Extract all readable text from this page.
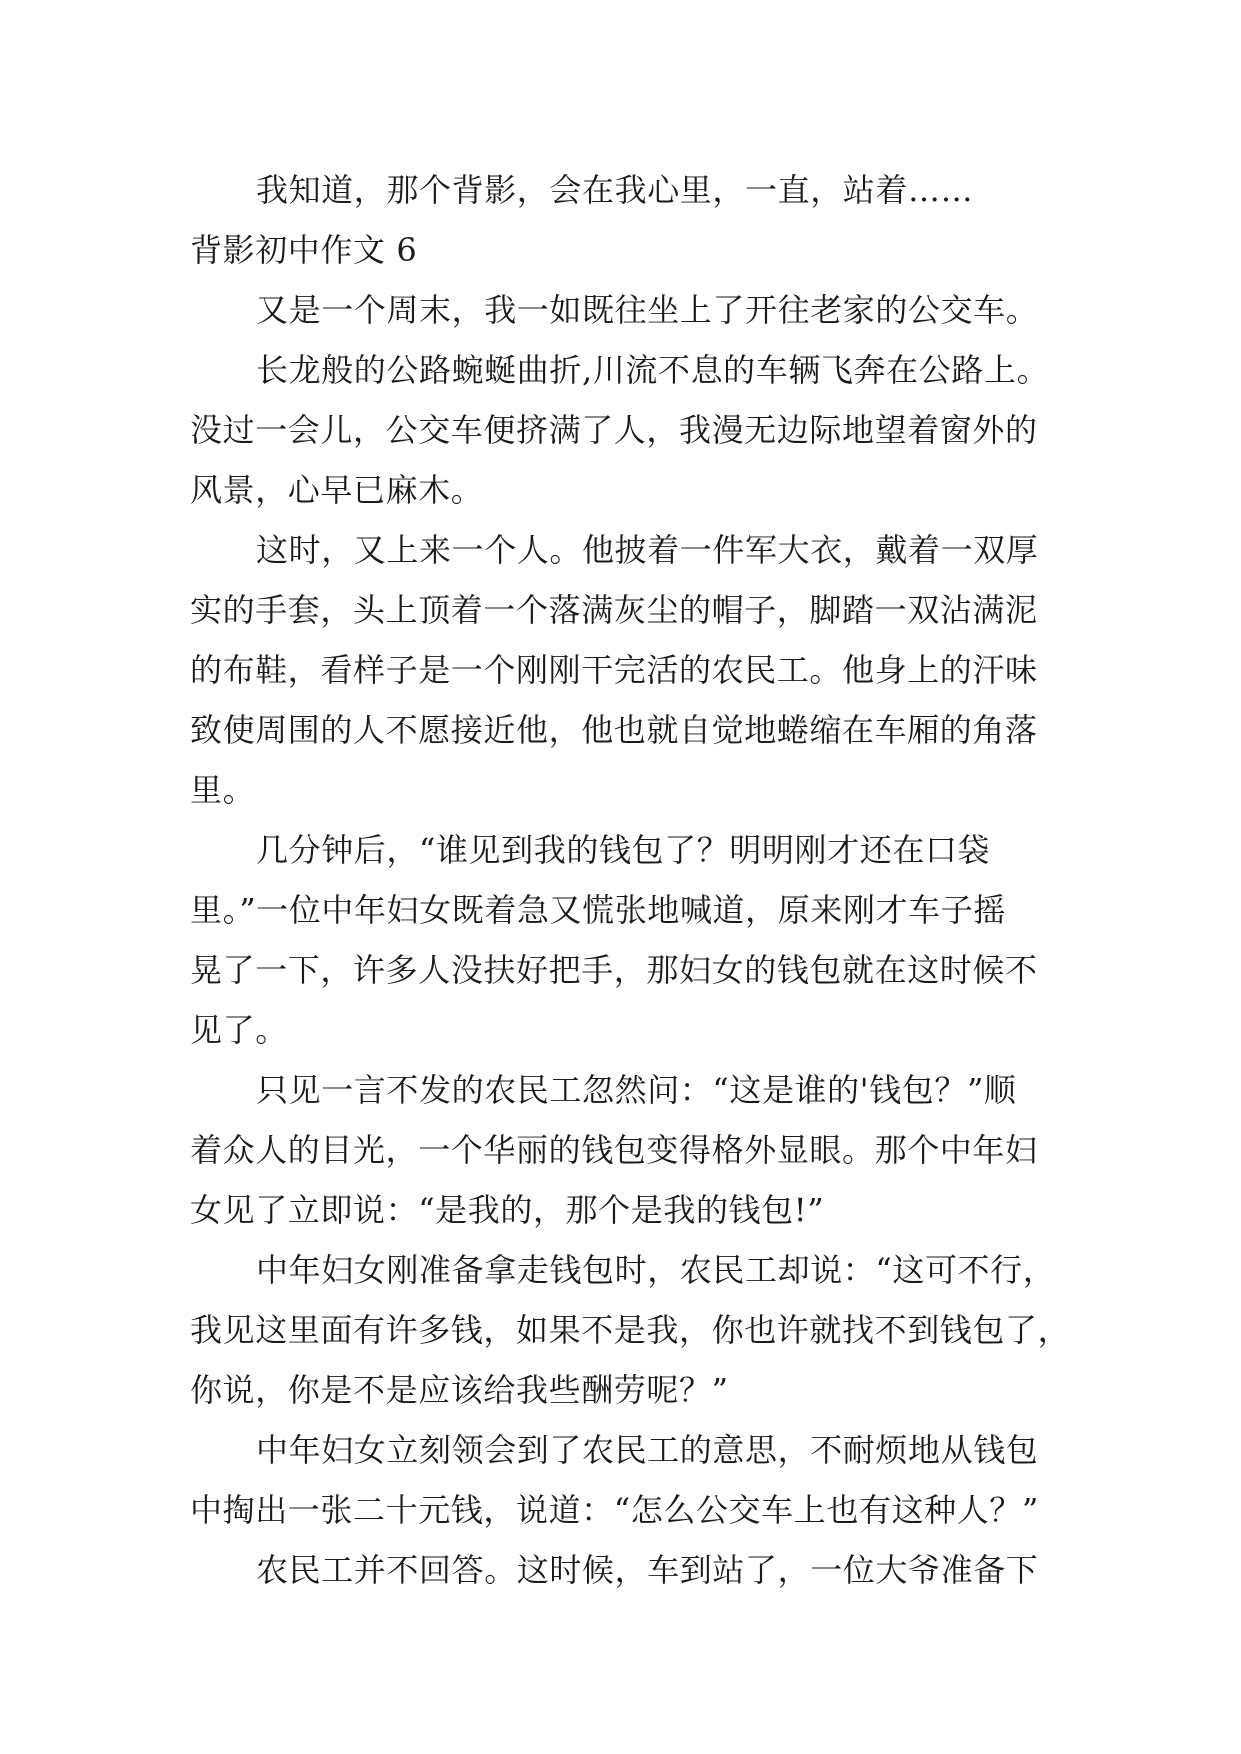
我知道，那个背影，会在我心里，一直，站着……
背影初中作文 6
又是一个周末，我一如既往坐上了开往老家的公交车。
长龙般的公路蜿蜒曲折,川流不息的车辆飞奔在公路上。
没过一会儿，公交车便挤满了人，我漫无边际地望着窗外的
风景，心早已麻木。
这时，又上来一个人。他披着一件军大衣，戴着一双厚
实的手套，头上顶着一个落满灰尘的帽子，脚踏一双沾满泥
的布鞋，看样子是一个刚刚干完活的农民工。他身上的汗味
致使周围的人不愿接近他，他也就自觉地蜷缩在车厢的角落
里。
几分钟后，“谁见到我的钱包了？明明刚才还在口袋
里。”一位中年妇女既着急又慌张地喊道，原来刚才车子摇
晃了一下，许多人没扶好把手，那妇女的钱包就在这时候不
见了。
只见一言不发的农民工忽然问：“这是谁的'钱包？”顺
着众人的目光，一个华丽的钱包变得格外显眼。那个中年妇
女见了立即说：“是我的，那个是我的钱包!”
中年妇女刚准备拿走钱包时，农民工却说：“这可不行，
我见这里面有许多钱，如果不是我，你也许就找不到钱包了，
你说，你是不是应该给我些酬劳呢？”
中年妇女立刻领会到了农民工的意思，不耐烦地从钱包
中掏出一张二十元钱，说道：“怎么公交车上也有这种人？”
农民工并不回答。这时候，车到站了，一位大爷准备下
